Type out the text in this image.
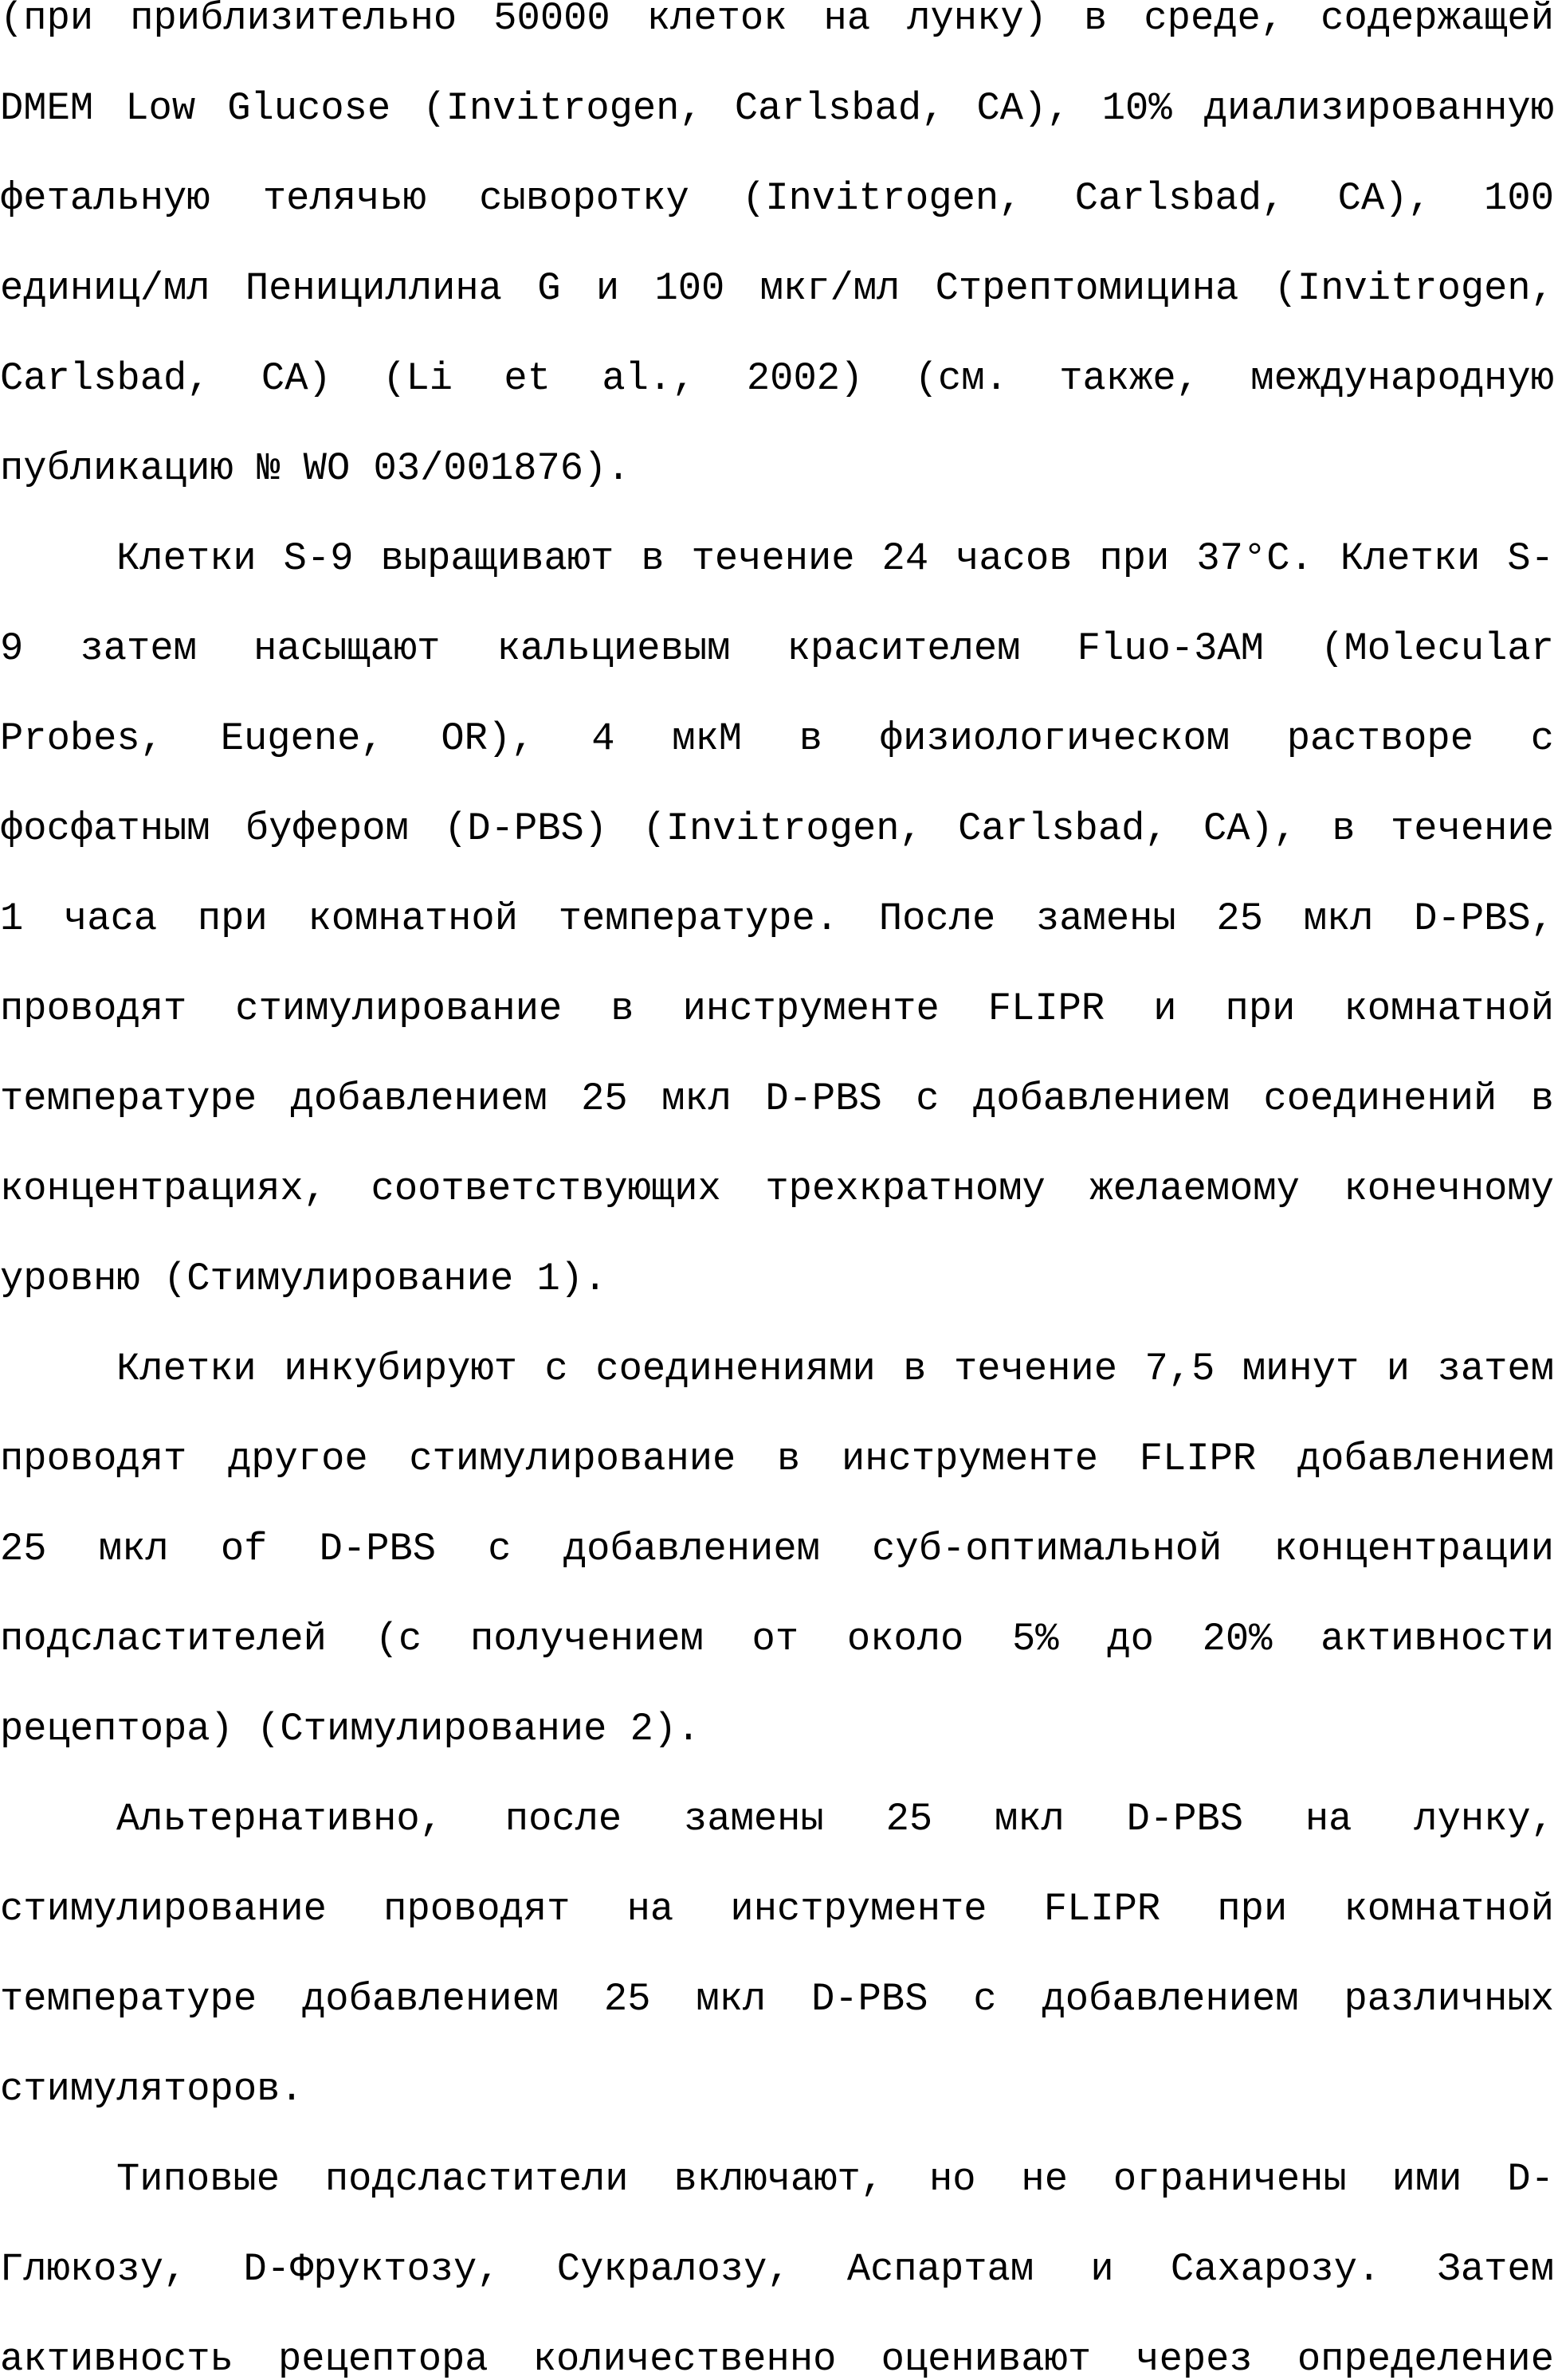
(при приблизительно 50000 клеток на лунку) в среде, содержащей
DMEM Low Glucose (Invitrogen, Carlsbad, CA), 10% диализированную
фетальную телячью сыворотку (Invitrogen, Carlsbad, CA), 100
единиц/мл Пенициллина G и 100 мкг/мл Стрептомицина (Invitrogen,
Carlsbad, CA) (Li et al., 2002) (см. также, международную
публикацию № WO 03/001876).
Клетки S-9 выращивают в течение 24 часов при 37°C. Клетки S-
9 затем насыщают кальциевым красителем Fluo-3AM (Molecular
Probes, Eugene, OR), 4 мкМ в физиологическом растворе с
фосфатным буфером (D-PBS) (Invitrogen, Carlsbad, CA), в течение
1 часа при комнатной температуре. После замены 25 мкл D-PBS,
проводят стимулирование в инструменте FLIPR и при комнатной
температуре добавлением 25 мкл D-PBS с добавлением соединений в
концентрациях, соответствующих трехкратному желаемому конечному
уровню (Стимулирование 1).
Клетки инкубируют с соединениями в течение 7,5 минут и затем
проводят другое стимулирование в инструменте FLIPR добавлением
25 мкл of D-PBS с добавлением суб-оптимальной концентрации
подсластителей (с получением от около 5% до 20% активности
рецептора) (Стимулирование 2).
Альтернативно, после замены 25 мкл D-PBS на лунку,
стимулирование проводят на инструменте FLIPR при комнатной
температуре добавлением 25 мкл D-PBS с добавлением различных
стимуляторов.
Типовые подсластители включают, но не ограничены ими D-
Глюкозу, D-Фруктозу, Сукралозу, Аспартам и Сахарозу. Затем
активность рецептора количественно оценивают через определение
